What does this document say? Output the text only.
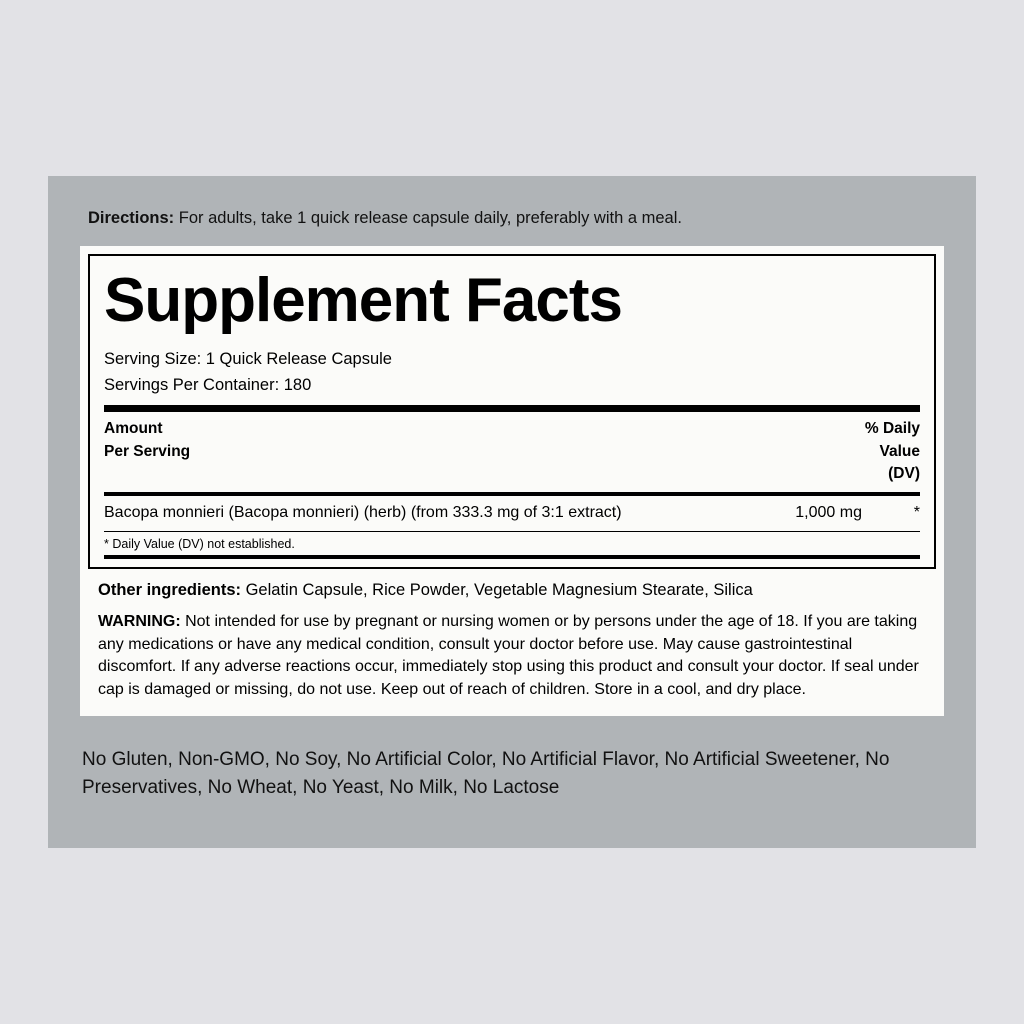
Directions: For adults, take 1 quick release capsule daily, preferably with a meal.
Supplement Facts
Serving Size: 1 Quick Release Capsule
Servings Per Container: 180
Amount
Per Serving
% Daily
Value
(DV)
Bacopa monnieri (Bacopa monnieri) (herb) (from 333.3 mg of 3:1 extract)	1,000 mg	*
* Daily Value (DV) not established.
Other ingredients: Gelatin Capsule, Rice Powder, Vegetable Magnesium Stearate, Silica
WARNING: Not intended for use by pregnant or nursing women or by persons under the age of 18. If you are taking any medications or have any medical condition, consult your doctor before use. May cause gastrointestinal discomfort. If any adverse reactions occur, immediately stop using this product and consult your doctor. If seal under cap is damaged or missing, do not use. Keep out of reach of children. Store in a cool, and dry place.
No Gluten, Non-GMO, No Soy, No Artificial Color, No Artificial Flavor, No Artificial Sweetener, No Preservatives, No Wheat, No Yeast, No Milk, No Lactose
